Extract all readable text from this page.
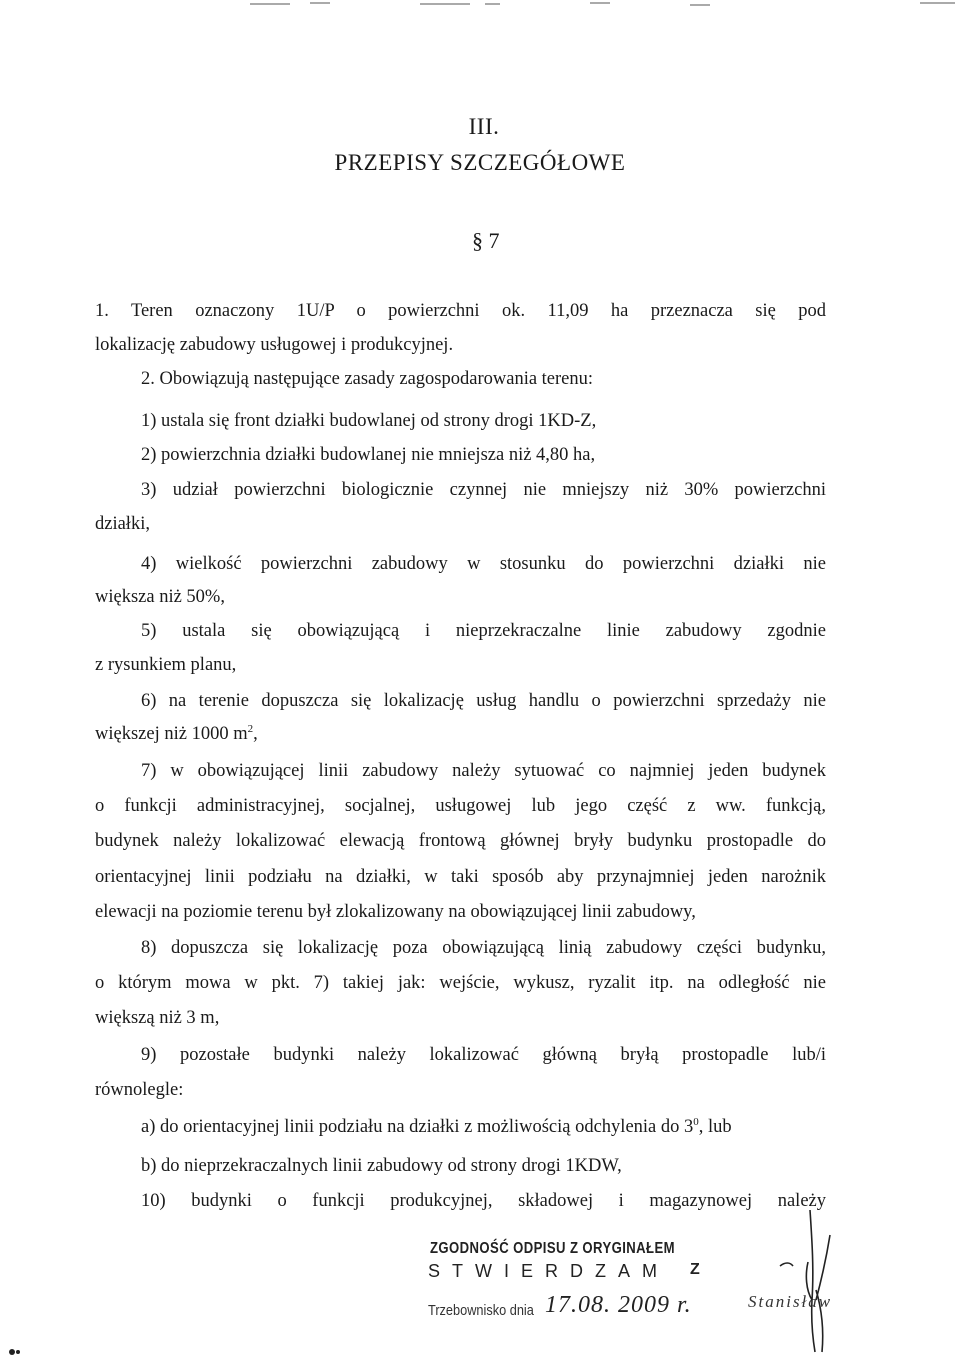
III.
PRZEPISY SZCZEGÓŁOWE
§ 7
1. Teren oznaczony 1U/P o powierzchni ok. 11,09 ha przeznacza się pod
lokalizację zabudowy usługowej i produkcyjnej.
2. Obowiązują następujące zasady zagospodarowania terenu:
1) ustala się front działki budowlanej od strony drogi 1KD-Z,
2) powierzchnia działki budowlanej nie mniejsza niż 4,80 ha,
3) udział powierzchni biologicznie czynnej nie mniejszy niż 30% powierzchni
działki,
4) wielkość powierzchni zabudowy w stosunku do powierzchni działki nie
większa niż 50%,
5) ustala się obowiązującą i nieprzekraczalne linie zabudowy zgodnie
z rysunkiem planu,
6) na terenie dopuszcza się lokalizację usług handlu o powierzchni sprzedaży nie
większej niż 1000 $m^2$,
7) w obowiązującej linii zabudowy należy sytuować co najmniej jeden budynek
o funkcji administracyjnej, socjalnej, usługowej lub jego część z ww. funkcją,
budynek należy lokalizować elewacją frontową głównej bryły budynku prostopadle do
orientacyjnej linii podziału na działki, w taki sposób aby przynajmniej jeden narożnik
elewacji na poziomie terenu był zlokalizowany na obowiązującej linii zabudowy,
8) dopuszcza się lokalizację poza obowiązującą linią zabudowy części budynku,
o którym mowa w pkt. 7) takiej jak: wejście, wykusz, ryzalit itp. na odległość nie
większą niż 3 m,
9) pozostałe budynki należy lokalizować główną bryłą prostopadle lub/i
równolegle:
a) do orientacyjnej linii podziału na działki z możliwością odchylenia do $3^0$, lub
b) do nieprzekraczalnych linii zabudowy od strony drogi 1KDW,
10) budynki o funkcji produkcyjnej, składowej i magazynowej należy
ZGODNOŚĆ ODPISU Z ORYGINAŁEM
STWIERDZAM Z
Trzebownisko dnia 17.08. 2009 r.	Stanisław
